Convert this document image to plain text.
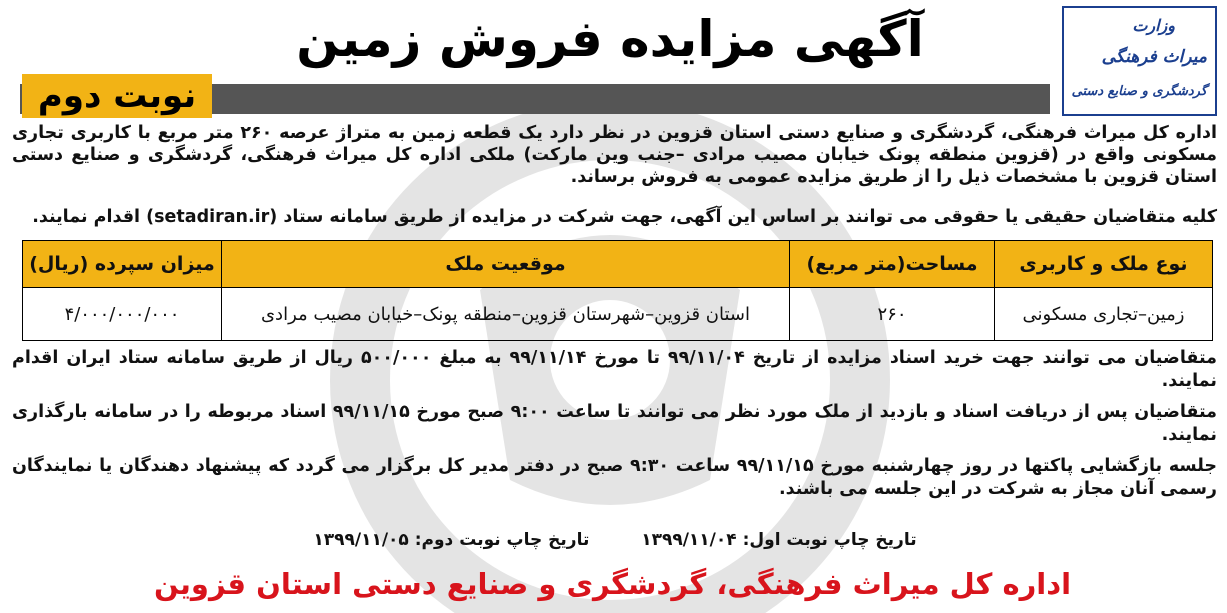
وزارت
میراث فرهنگی
گردشگری و صنایع دستی
آگهی مزایده فروش زمین
نوبت دوم
اداره کل میراث فرهنگی، گردشگری و صنایع دستی استان قزوین در نظر دارد یک قطعه زمین به متراژ عرصه ۲۶۰ متر مربع با کاربری تجاری مسکونی واقع در (قزوین منطقه پونک خیابان مصیب مرادی –جنب وین مارکت) ملکی اداره کل میراث فرهنگی، گردشگری و صنایع دستی استان قزوین با مشخصات ذیل را از طریق مزایده عمومی به فروش برساند.
کلیه متقاضیان حقیقی یا حقوقی می توانند بر اساس این آگهی، جهت شرکت در مزایده از طریق سامانه ستاد (setadiran.ir) اقدام نمایند.
نوع ملک و کاربری	مساحت(متر مربع)	موقعیت ملک	میزان سپرده (ریال)
زمین–تجاری مسکونی	۲۶۰	استان قزوین–شهرستان قزوین–منطقه پونک–خیابان مصیب مرادی	۴/۰۰۰/۰۰۰/۰۰۰
متقاضیان می توانند جهت خرید اسناد مزایده از تاریخ ۹۹/۱۱/۰۴ تا مورخ ۹۹/۱۱/۱۴ به مبلغ ۵۰۰/۰۰۰ ریال از طریق سامانه ستاد ایران اقدام نمایند.
متقاضیان پس از دریافت اسناد و بازدید از ملک مورد نظر می توانند تا ساعت ۹:۰۰ صبح مورخ ۹۹/۱۱/۱۵ اسناد مربوطه را در سامانه بارگذاری نمایند.
جلسه بازگشایی پاکتها در روز چهارشنبه مورخ ۹۹/۱۱/۱۵ ساعت ۹:۳۰ صبح در دفتر مدیر کل برگزار می گردد که پیشنهاد دهندگان یا نمایندگان رسمی آنان مجاز به شرکت در این جلسه می باشند.
تاریخ چاپ نوبت اول: ۱۳۹۹/۱۱/۰۴  تاریخ چاپ نوبت دوم: ۱۳۹۹/۱۱/۰۵
اداره کل میراث فرهنگی، گردشگری و صنایع دستی استان قزوین
